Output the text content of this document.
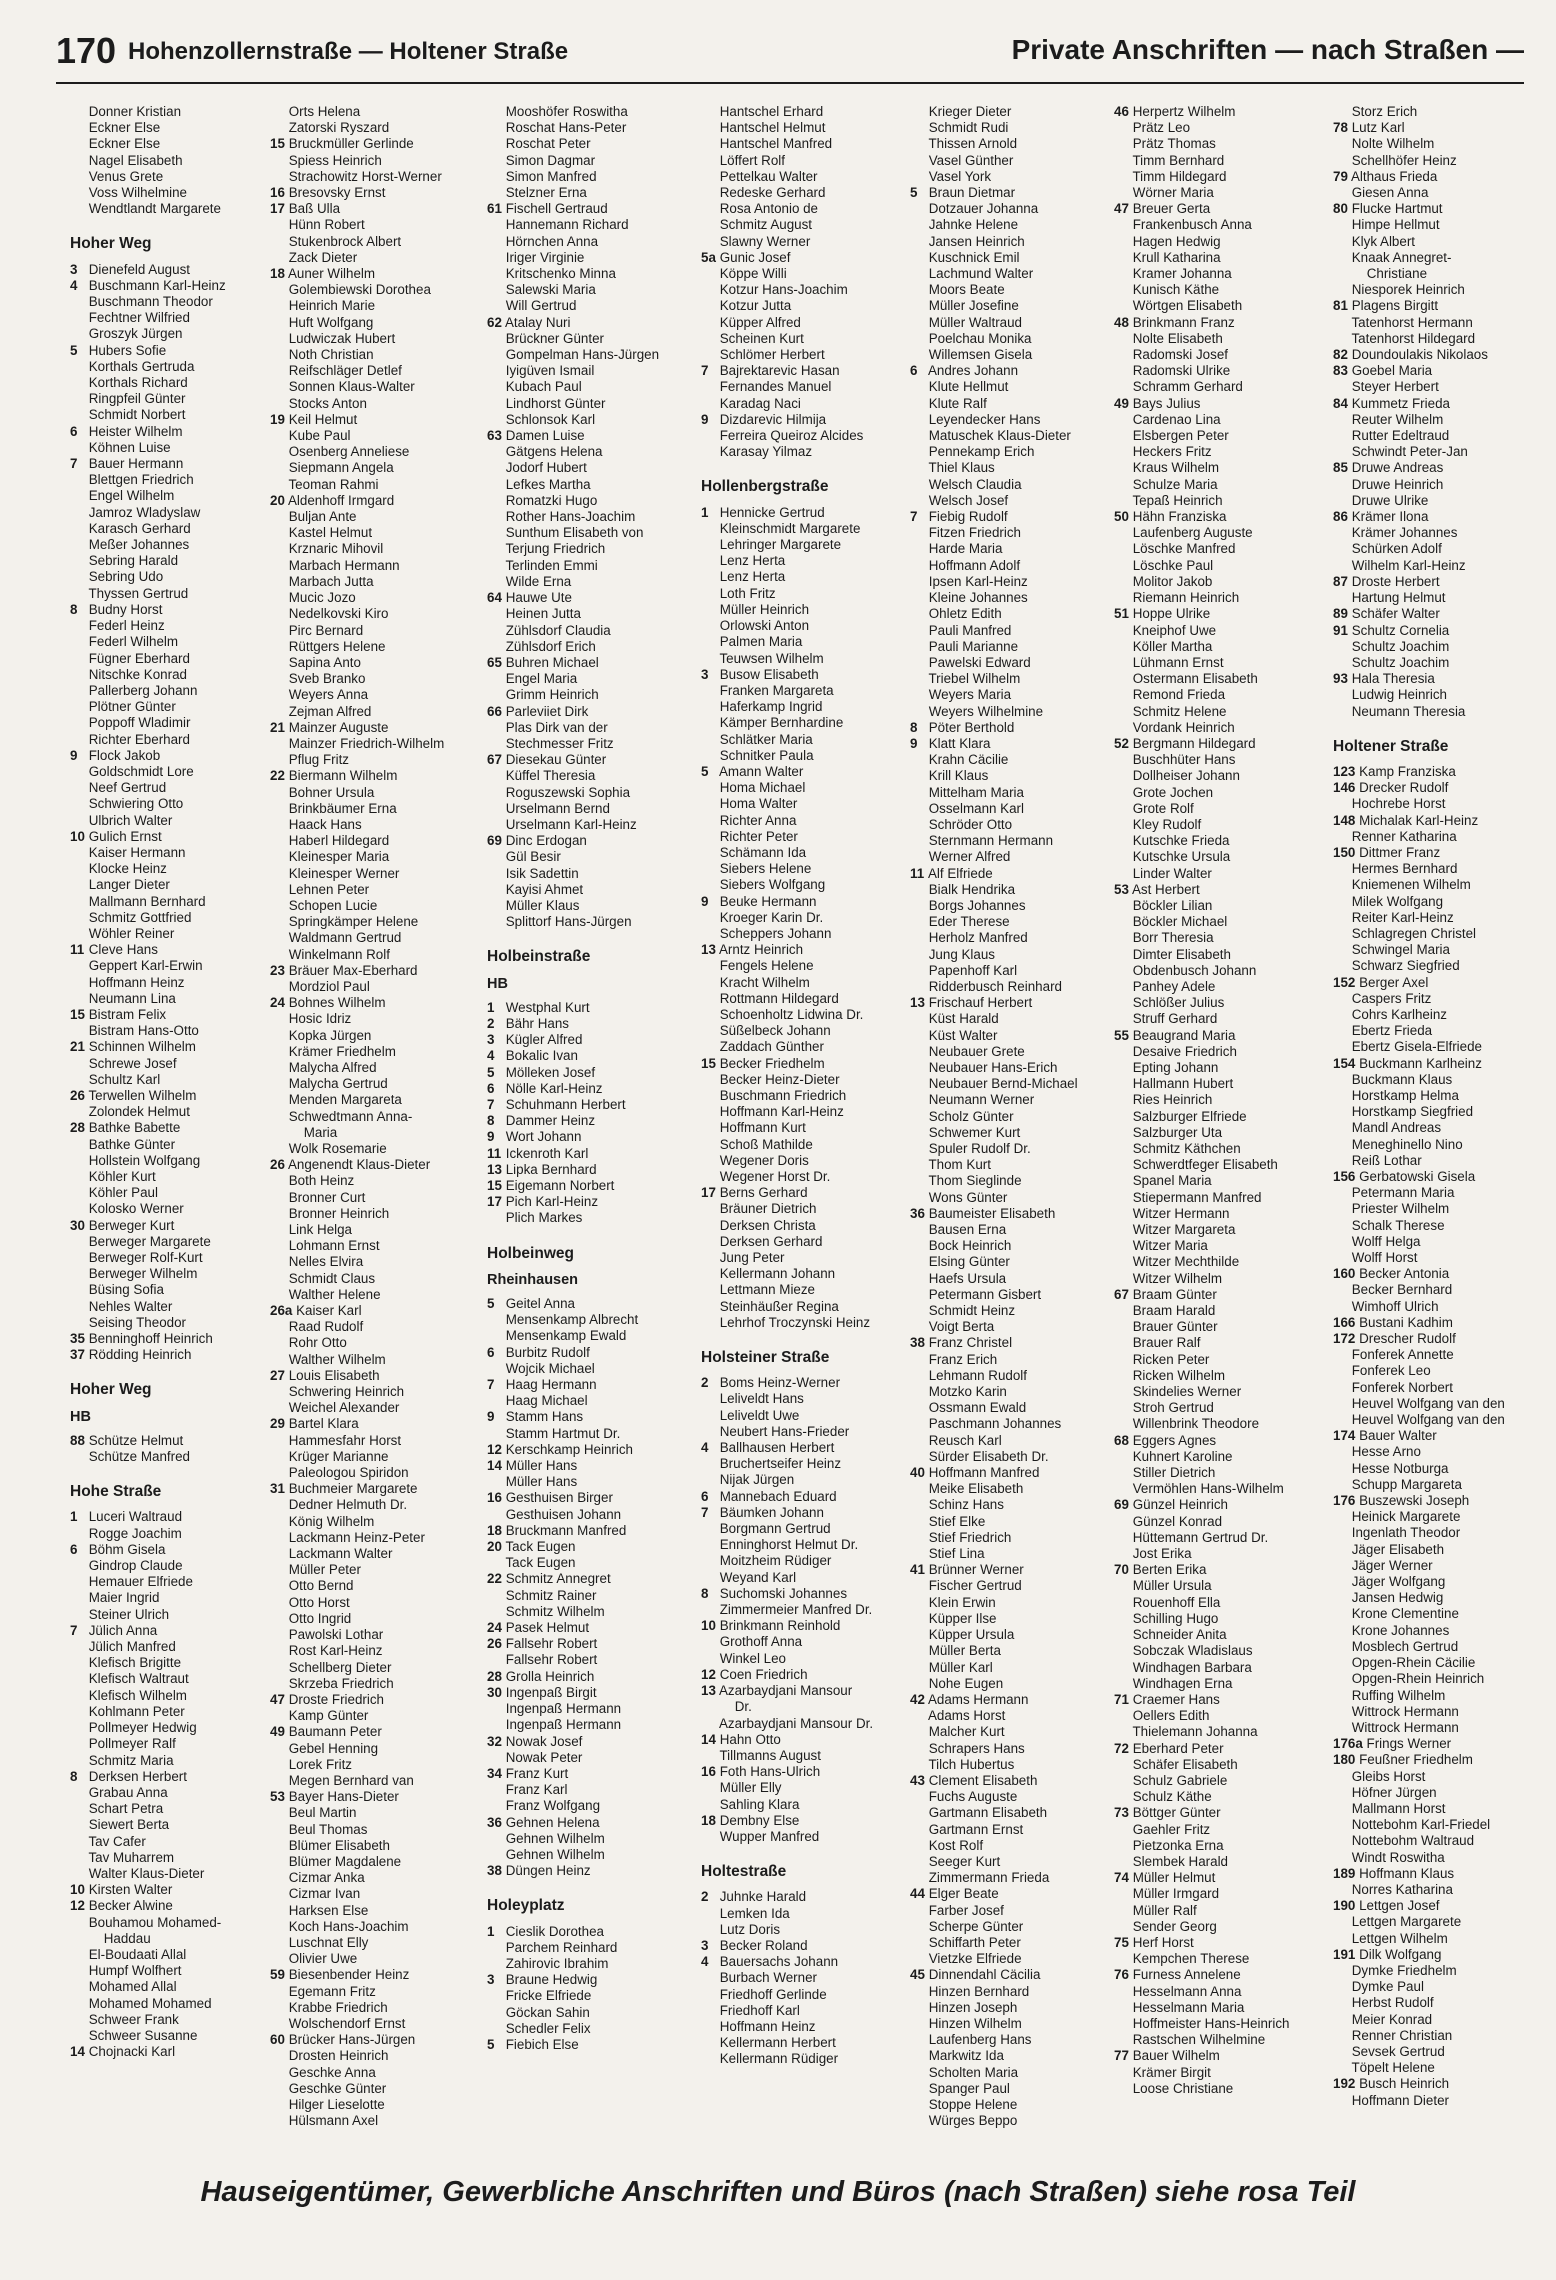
170 Hohenzollernstraße — Holtener Straße	Private Anschriften — nach Straßen —
Donner Kristian
Eckner Else
Eckner Else
Nagel Elisabeth
Venus Grete
Voss Wilhelmine
Wendtlandt Margarete
Hoher Weg
3 Dienefeld August
4 Buschmann Karl-Heinz
Buschmann Theodor
Fechtner Wilfried
Groszyk Jürgen
5 Hubers Sofie
Korthals Gertruda
Korthals Richard
Ringpfeil Günter
Schmidt Norbert
6 Heister Wilhelm
Köhnen Luise
7 Bauer Hermann
Blettgen Friedrich
Engel Wilhelm
Jamroz Wladyslaw
Karasch Gerhard
Meßer Johannes
Sebring Harald
Sebring Udo
Thyssen Gertrud
8 Budny Horst
Federl Heinz
Federl Wilhelm
Fügner Eberhard
Nitschke Konrad
Pallerberg Johann
Plötner Günter
Poppoff Wladimir
Richter Eberhard
9 Flock Jakob
Goldschmidt Lore
Neef Gertrud
Schwiering Otto
Ulbrich Walter
10 Gulich Ernst
Kaiser Hermann
Klocke Heinz
Langer Dieter
Mallmann Bernhard
Schmitz Gottfried
Wöhler Reiner
11 Cleve Hans
Geppert Karl-Erwin
Hoffmann Heinz
Neumann Lina
15 Bistram Felix
Bistram Hans-Otto
21 Schinnen Wilhelm
Schrewe Josef
Schultz Karl
26 Terwellen Wilhelm
Zolondek Helmut
28 Bathke Babette
Bathke Günter
Hollstein Wolfgang
Köhler Kurt
Köhler Paul
Kolosko Werner
30 Berweger Kurt
Berweger Margarete
Berweger Rolf-Kurt
Berweger Wilhelm
Büsing Sofia
Nehles Walter
Seising Theodor
35 Benninghoff Heinrich
37 Rödding Heinrich
Hoher Weg
HB
88 Schütze Helmut
Schütze Manfred
Hohe Straße
1 Luceri Waltraud
Rogge Joachim
6 Böhm Gisela
Gindrop Claude
Hemauer Elfriede
Maier Ingrid
Steiner Ulrich
7 Jülich Anna
Jülich Manfred
Klefisch Brigitte
Klefisch Waltraut
Klefisch Wilhelm
Kohlmann Peter
Pollmeyer Hedwig
Pollmeyer Ralf
Schmitz Maria
8 Derksen Herbert
Grabau Anna
Schart Petra
Siewert Berta
Tav Cafer
Tav Muharrem
Walter Klaus-Dieter
10 Kirsten Walter
12 Becker Alwine
Bouhamou Mohamed-
Haddau
El-Boudaati Allal
Humpf Wolfhert
Mohamed Allal
Mohamed Mohamed
Schweer Frank
Schweer Susanne
14 Chojnacki Karl
Orts Helena
Zatorski Ryszard
15 Bruckmüller Gerlinde
Spiess Heinrich
Strachowitz Horst-Werner
16 Bresovsky Ernst
17 Baß Ulla
Hünn Robert
Stukenbrock Albert
Zack Dieter
18 Auner Wilhelm
Golembiewski Dorothea
Heinrich Marie
Huft Wolfgang
Ludwiczak Hubert
Noth Christian
Reifschläger Detlef
Sonnen Klaus-Walter
Stocks Anton
19 Keil Helmut
Kube Paul
Osenberg Anneliese
Siepmann Angela
Teoman Rahmi
20 Aldenhoff Irmgard
Buljan Ante
Kastel Helmut
Krznaric Mihovil
Marbach Hermann
Marbach Jutta
Mucic Jozo
Nedelkovski Kiro
Pirc Bernard
Rüttgers Helene
Sapina Anto
Sveb Branko
Weyers Anna
Zejman Alfred
21 Mainzer Auguste
Mainzer Friedrich-Wilhelm
Pflug Fritz
22 Biermann Wilhelm
Bohner Ursula
Brinkbäumer Erna
Haack Hans
Haberl Hildegard
Kleinesper Maria
Kleinesper Werner
Lehnen Peter
Schopen Lucie
Springkämper Helene
Waldmann Gertrud
Winkelmann Rolf
23 Bräuer Max-Eberhard
Mordziol Paul
24 Bohnes Wilhelm
Hosic Idriz
Kopka Jürgen
Krämer Friedhelm
Malycha Alfred
Malycha Gertrud
Menden Margareta
Schwedtmann Anna-
Maria
Wolk Rosemarie
26 Angenendt Klaus-Dieter
Both Heinz
Bronner Curt
Bronner Heinrich
Link Helga
Lohmann Ernst
Nelles Elvira
Schmidt Claus
Walther Helene
26a Kaiser Karl
Raad Rudolf
Rohr Otto
Walther Wilhelm
27 Louis Elisabeth
Schwering Heinrich
Weichel Alexander
29 Bartel Klara
Hammesfahr Horst
Krüger Marianne
Paleologou Spiridon
31 Buchmeier Margarete
Dedner Helmuth Dr.
König Wilhelm
Lackmann Heinz-Peter
Lackmann Walter
Müller Peter
Otto Bernd
Otto Horst
Otto Ingrid
Pawolski Lothar
Rost Karl-Heinz
Schellberg Dieter
Skrzeba Friedrich
47 Droste Friedrich
Kamp Günter
49 Baumann Peter
Gebel Henning
Lorek Fritz
Megen Bernhard van
53 Bayer Hans-Dieter
Beul Martin
Beul Thomas
Blümer Elisabeth
Blümer Magdalene
Cizmar Anka
Cizmar Ivan
Harksen Else
Koch Hans-Joachim
Luschnat Elly
Olivier Uwe
59 Biesenbender Heinz
Egemann Fritz
Krabbe Friedrich
Wolschendorf Ernst
60 Brücker Hans-Jürgen
Drosten Heinrich
Geschke Anna
Geschke Günter
Hilger Lieselotte
Hülsmann Axel
Mooshöfer Roswitha
Roschat Hans-Peter
Roschat Peter
Simon Dagmar
Simon Manfred
Stelzner Erna
61 Fischell Gertraud
Hannemann Richard
Hörnchen Anna
Iriger Virginie
Kritschenko Minna
Salewski Maria
Will Gertrud
62 Atalay Nuri
Brückner Günter
Gompelman Hans-Jürgen
Iyigüven Ismail
Kubach Paul
Lindhorst Günter
Schlonsok Karl
63 Damen Luise
Gätgens Helena
Jodorf Hubert
Lefkes Martha
Romatzki Hugo
Rother Hans-Joachim
Sunthum Elisabeth von
Terjung Friedrich
Terlinden Emmi
Wilde Erna
64 Hauwe Ute
Heinen Jutta
Zühlsdorf Claudia
Zühlsdorf Erich
65 Buhren Michael
Engel Maria
Grimm Heinrich
66 Parleviiet Dirk
Plas Dirk van der
Stechmesser Fritz
67 Diesekau Günter
Küffel Theresia
Roguszewski Sophia
Urselmann Bernd
Urselmann Karl-Heinz
69 Dinc Erdogan
Gül Besir
Isik Sadettin
Kayisi Ahmet
Müller Klaus
Splittorf Hans-Jürgen
Holbeinstraße
HB
1 Westphal Kurt
2 Bähr Hans
3 Kügler Alfred
4 Bokalic Ivan
5 Mölleken Josef
6 Nölle Karl-Heinz
7 Schuhmann Herbert
8 Dammer Heinz
9 Wort Johann
11 Ickenroth Karl
13 Lipka Bernhard
15 Eigemann Norbert
17 Pich Karl-Heinz
Plich Markes
Holbeinweg
Rheinhausen
5 Geitel Anna
Mensenkamp Albrecht
Mensenkamp Ewald
6 Burbitz Rudolf
Wojcik Michael
7 Haag Hermann
Haag Michael
9 Stamm Hans
Stamm Hartmut Dr.
12 Kerschkamp Heinrich
14 Müller Hans
Müller Hans
16 Gesthuisen Birger
Gesthuisen Johann
18 Bruckmann Manfred
20 Tack Eugen
Tack Eugen
22 Schmitz Annegret
Schmitz Rainer
Schmitz Wilhelm
24 Pasek Helmut
26 Fallsehr Robert
Fallsehr Robert
28 Grolla Heinrich
30 Ingenpaß Birgit
Ingenpaß Hermann
Ingenpaß Hermann
32 Nowak Josef
Nowak Peter
34 Franz Kurt
Franz Karl
Franz Wolfgang
36 Gehnen Helena
Gehnen Wilhelm
Gehnen Wilhelm
38 Düngen Heinz
Holeyplatz
1 Cieslik Dorothea
Parchem Reinhard
Zahirovic Ibrahim
3 Braune Hedwig
Fricke Elfriede
Göckan Sahin
Schedler Felix
5 Fiebich Else
Hantschel Erhard
Hantschel Helmut
Hantschel Manfred
Löffert Rolf
Pettelkau Walter
Redeske Gerhard
Rosa Antonio de
Schmitz August
Slawny Werner
5a Gunic Josef
Köppe Willi
Kotzur Hans-Joachim
Kotzur Jutta
Küpper Alfred
Scheinen Kurt
Schlömer Herbert
7 Bajrektarevic Hasan
Fernandes Manuel
Karadag Naci
9 Dizdarevic Hilmija
Ferreira Queiroz Alcides
Karasay Yilmaz
Hollenbergstraße
1 Hennicke Gertrud
Kleinschmidt Margarete
Lehringer Margarete
Lenz Herta
Lenz Herta
Loth Fritz
Müller Heinrich
Orlowski Anton
Palmen Maria
Teuwsen Wilhelm
3 Busow Elisabeth
Franken Margareta
Haferkamp Ingrid
Kämper Bernhardine
Schlätker Maria
Schnitker Paula
5 Amann Walter
Homa Michael
Homa Walter
Richter Anna
Richter Peter
Schämann Ida
Siebers Helene
Siebers Wolfgang
9 Beuke Hermann
Kroeger Karin Dr.
Scheppers Johann
13 Arntz Heinrich
Fengels Helene
Kracht Wilhelm
Rottmann Hildegard
Schoenholtz Lidwina Dr.
Süßelbeck Johann
Zaddach Günther
15 Becker Friedhelm
Becker Heinz-Dieter
Buschmann Friedrich
Hoffmann Karl-Heinz
Hoffmann Kurt
Schoß Mathilde
Wegener Doris
Wegener Horst Dr.
17 Berns Gerhard
Bräuner Dietrich
Derksen Christa
Derksen Gerhard
Jung Peter
Kellermann Johann
Lettmann Mieze
Steinhäußer Regina
Lehrhof Troczynski Heinz
Holsteiner Straße
2 Boms Heinz-Werner
Leliveldt Hans
Leliveldt Uwe
Neubert Hans-Frieder
4 Ballhausen Herbert
Bruchertseifer Heinz
Nijak Jürgen
6 Mannebach Eduard
7 Bäumken Johann
Borgmann Gertrud
Enninghorst Helmut Dr.
Moitzheim Rüdiger
Weyand Karl
8 Suchomski Johannes
Zimmermeier Manfred Dr.
10 Brinkmann Reinhold
Grothoff Anna
Winkel Leo
12 Coen Friedrich
13 Azarbaydjani Mansour
Dr.
Azarbaydjani Mansour Dr.
14 Hahn Otto
Tillmanns August
16 Foth Hans-Ulrich
Müller Elly
Sahling Klara
18 Dembny Else
Wupper Manfred
Holtestraße
2 Juhnke Harald
Lemken Ida
Lutz Doris
3 Becker Roland
4 Bauersachs Johann
Burbach Werner
Friedhoff Gerlinde
Friedhoff Karl
Hoffmann Heinz
Kellermann Herbert
Kellermann Rüdiger
Krieger Dieter
Schmidt Rudi
Thissen Arnold
Vasel Günther
Vasel York
5 Braun Dietmar
Dotzauer Johanna
Jahnke Helene
Jansen Heinrich
Kuschnick Emil
Lachmund Walter
Moors Beate
Müller Josefine
Müller Waltraud
Poelchau Monika
Willemsen Gisela
6 Andres Johann
Klute Hellmut
Klute Ralf
Leyendecker Hans
Matuschek Klaus-Dieter
Pennekamp Erich
Thiel Klaus
Welsch Claudia
Welsch Josef
7 Fiebig Rudolf
Fitzen Friedrich
Harde Maria
Hoffmann Adolf
Ipsen Karl-Heinz
Kleine Johannes
Ohletz Edith
Pauli Manfred
Pauli Marianne
Pawelski Edward
Triebel Wilhelm
Weyers Maria
Weyers Wilhelmine
8 Pöter Berthold
9 Klatt Klara
Krahn Cäcilie
Krill Klaus
Mittelham Maria
Osselmann Karl
Schröder Otto
Sternmann Hermann
Werner Alfred
11 Alf Elfriede
Bialk Hendrika
Borgs Johannes
Eder Therese
Herholz Manfred
Jung Klaus
Papenhoff Karl
Ridderbusch Reinhard
13 Frischauf Herbert
Küst Harald
Küst Walter
Neubauer Grete
Neubauer Hans-Erich
Neubauer Bernd-Michael
Neumann Werner
Scholz Günter
Schwemer Kurt
Spuler Rudolf Dr.
Thom Kurt
Thom Sieglinde
Wons Günter
36 Baumeister Elisabeth
Bausen Erna
Bock Heinrich
Elsing Günter
Haefs Ursula
Petermann Gisbert
Schmidt Heinz
Voigt Berta
38 Franz Christel
Franz Erich
Lehmann Rudolf
Motzko Karin
Ossmann Ewald
Paschmann Johannes
Reusch Karl
Sürder Elisabeth Dr.
40 Hoffmann Manfred
Meike Elisabeth
Schinz Hans
Stief Elke
Stief Friedrich
Stief Lina
41 Brünner Werner
Fischer Gertrud
Klein Erwin
Küpper Ilse
Küpper Ursula
Müller Berta
Müller Karl
Nohe Eugen
42 Adams Hermann
Adams Horst
Malcher Kurt
Schrapers Hans
Tilch Hubertus
43 Clement Elisabeth
Fuchs Auguste
Gartmann Elisabeth
Gartmann Ernst
Kost Rolf
Seeger Kurt
Zimmermann Frieda
44 Elger Beate
Farber Josef
Scherpe Günter
Schiffarth Peter
Vietzke Elfriede
45 Dinnendahl Cäcilia
Hinzen Bernhard
Hinzen Joseph
Hinzen Wilhelm
Laufenberg Hans
Markwitz Ida
Scholten Maria
Spanger Paul
Stoppe Helene
Würges Beppo
46 Herpertz Wilhelm
Prätz Leo
Prätz Thomas
Timm Bernhard
Timm Hildegard
Wörner Maria
47 Breuer Gerta
Frankenbusch Anna
Hagen Hedwig
Krull Katharina
Kramer Johanna
Kunisch Käthe
Wörtgen Elisabeth
48 Brinkmann Franz
Nolte Elisabeth
Radomski Josef
Radomski Ulrike
Schramm Gerhard
49 Bays Julius
Cardenao Lina
Elsbergen Peter
Heckers Fritz
Kraus Wilhelm
Schulze Maria
Tepaß Heinrich
50 Hähn Franziska
Laufenberg Auguste
Löschke Manfred
Löschke Paul
Molitor Jakob
Riemann Heinrich
51 Hoppe Ulrike
Kneiphof Uwe
Köller Martha
Lühmann Ernst
Ostermann Elisabeth
Remond Frieda
Schmitz Helene
Vordank Heinrich
52 Bergmann Hildegard
Buschhüter Hans
Dollheiser Johann
Grote Jochen
Grote Rolf
Kley Rudolf
Kutschke Frieda
Kutschke Ursula
Linder Walter
53 Ast Herbert
Böckler Lilian
Böckler Michael
Borr Theresia
Dimter Elisabeth
Obdenbusch Johann
Panhey Adele
Schlößer Julius
Struff Gerhard
55 Beaugrand Maria
Desaive Friedrich
Epting Johann
Hallmann Hubert
Ries Heinrich
Salzburger Elfriede
Salzburger Uta
Schmitz Käthchen
Schwerdtfeger Elisabeth
Spanel Maria
Stiepermann Manfred
Witzer Hermann
Witzer Margareta
Witzer Maria
Witzer Mechthilde
Witzer Wilhelm
67 Braam Günter
Braam Harald
Brauer Günter
Brauer Ralf
Ricken Peter
Ricken Wilhelm
Skindelies Werner
Stroh Gertrud
Willenbrink Theodore
68 Eggers Agnes
Kuhnert Karoline
Stiller Dietrich
Vermöhlen Hans-Wilhelm
69 Günzel Heinrich
Günzel Konrad
Hüttemann Gertrud Dr.
Jost Erika
70 Berten Erika
Müller Ursula
Rouenhoff Ella
Schilling Hugo
Schneider Anita
Sobczak Wladislaus
Windhagen Barbara
Windhagen Erna
71 Craemer Hans
Oellers Edith
Thielemann Johanna
72 Eberhard Peter
Schäfer Elisabeth
Schulz Gabriele
Schulz Käthe
73 Böttger Günter
Gaehler Fritz
Pietzonka Erna
Slembek Harald
74 Müller Helmut
Müller Irmgard
Müller Ralf
Sender Georg
75 Herf Horst
Kempchen Therese
76 Furness Annelene
Hesselmann Anna
Hesselmann Maria
Hoffmeister Hans-Heinrich
Rastschen Wilhelmine
77 Bauer Wilhelm
Krämer Birgit
Loose Christiane
Storz Erich
78 Lutz Karl
Nolte Wilhelm
Schellhöfer Heinz
79 Althaus Frieda
Giesen Anna
80 Flucke Hartmut
Himpe Hellmut
Klyk Albert
Knaak Annegret-
Christiane
Niesporek Heinrich
81 Plagens Birgitt
Tatenhorst Hermann
Tatenhorst Hildegard
82 Doundoulakis Nikolaos
83 Goebel Maria
Steyer Herbert
84 Kummetz Frieda
Reuter Wilhelm
Rutter Edeltraud
Schwindt Peter-Jan
85 Druwe Andreas
Druwe Heinrich
Druwe Ulrike
86 Krämer Ilona
Krämer Johannes
Schürken Adolf
Wilhelm Karl-Heinz
87 Droste Herbert
Hartung Helmut
89 Schäfer Walter
91 Schultz Cornelia
Schultz Joachim
Schultz Joachim
93 Hala Theresia
Ludwig Heinrich
Neumann Theresia
Holtener Straße
123 Kamp Franziska
146 Drecker Rudolf
Hochrebe Horst
148 Michalak Karl-Heinz
Renner Katharina
150 Dittmer Franz
Hermes Bernhard
Kniemenen Wilhelm
Milek Wolfgang
Reiter Karl-Heinz
Schlagregen Christel
Schwingel Maria
Schwarz Siegfried
152 Berger Axel
Caspers Fritz
Cohrs Karlheinz
Ebertz Frieda
Ebertz Gisela-Elfriede
154 Buckmann Karlheinz
Buckmann Klaus
Horstkamp Helma
Horstkamp Siegfried
Mandl Andreas
Meneghinello Nino
Reiß Lothar
156 Gerbatowski Gisela
Petermann Maria
Priester Wilhelm
Schalk Therese
Wolff Helga
Wolff Horst
160 Becker Antonia
Becker Bernhard
Wimhoff Ulrich
166 Bustani Kadhim
172 Drescher Rudolf
Fonferek Annette
Fonferek Leo
Fonferek Norbert
Heuvel Wolfgang van den
Heuvel Wolfgang van den
174 Bauer Walter
Hesse Arno
Hesse Notburga
Schupp Margareta
176 Buszewski Joseph
Heinick Margarete
Ingenlath Theodor
Jäger Elisabeth
Jäger Werner
Jäger Wolfgang
Jansen Hedwig
Krone Clementine
Krone Johannes
Mosblech Gertrud
Opgen-Rhein Cäcilie
Opgen-Rhein Heinrich
Ruffing Wilhelm
Wittrock Hermann
Wittrock Hermann
176a Frings Werner
180 Feußner Friedhelm
Gleibs Horst
Höfner Jürgen
Mallmann Horst
Nottebohm Karl-Friedel
Nottebohm Waltraud
Windt Roswitha
189 Hoffmann Klaus
Norres Katharina
190 Lettgen Josef
Lettgen Margarete
Lettgen Wilhelm
191 Dilk Wolfgang
Dymke Friedhelm
Dymke Paul
Herbst Rudolf
Meier Konrad
Renner Christian
Sevsek Gertrud
Töpelt Helene
192 Busch Heinrich
Hoffmann Dieter
Hauseigentümer, Gewerbliche Anschriften und Büros (nach Straßen) siehe rosa Teil
